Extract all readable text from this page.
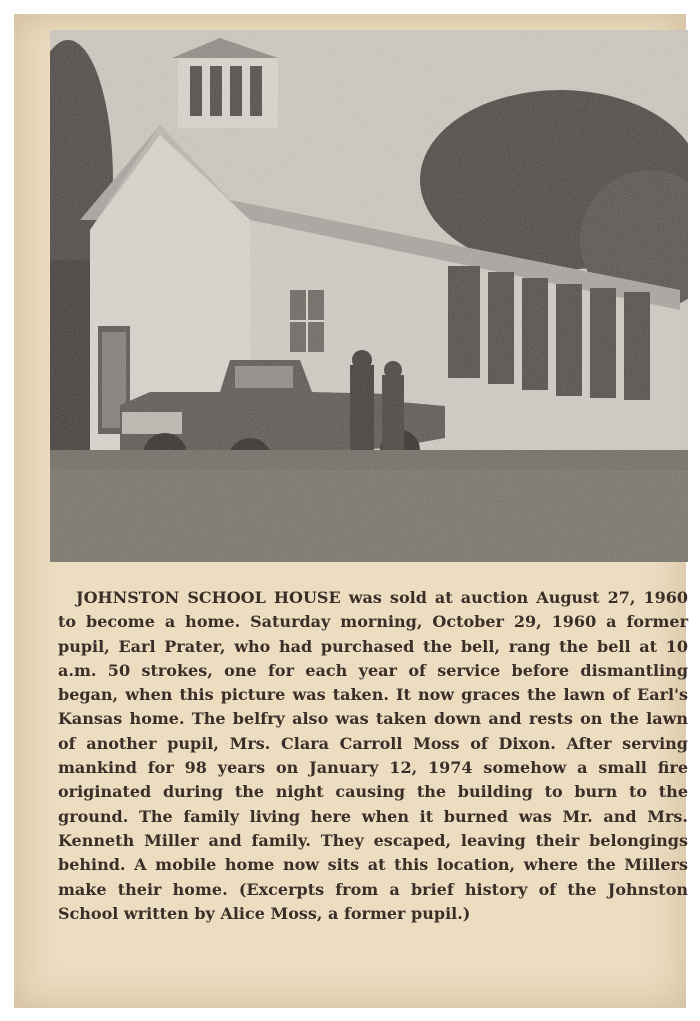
JOHNSTON SCHOOL HOUSE was sold at auction August 27, 1960 to become a home. Saturday morning, October 29, 1960 a former pupil, Earl Prater, who had purchased the bell, rang the bell at 10 a.m. 50 strokes, one for each year of service before dismantling began, when this picture was taken. It now graces the lawn of Earl's Kansas home. The belfry also was taken down and rests on the lawn of another pupil, Mrs. Clara Carroll Moss of Dixon. After serving mankind for 98 years on January 12, 1974 somehow a small fire originated during the night causing the building to burn to the ground. The family living here when it burned was Mr. and Mrs. Kenneth Miller and family. They escaped, leaving their belongings behind. A mobile home now sits at this location, where the Millers make their home. (Excerpts from a brief history of the Johnston School written by Alice Moss, a former pupil.)
